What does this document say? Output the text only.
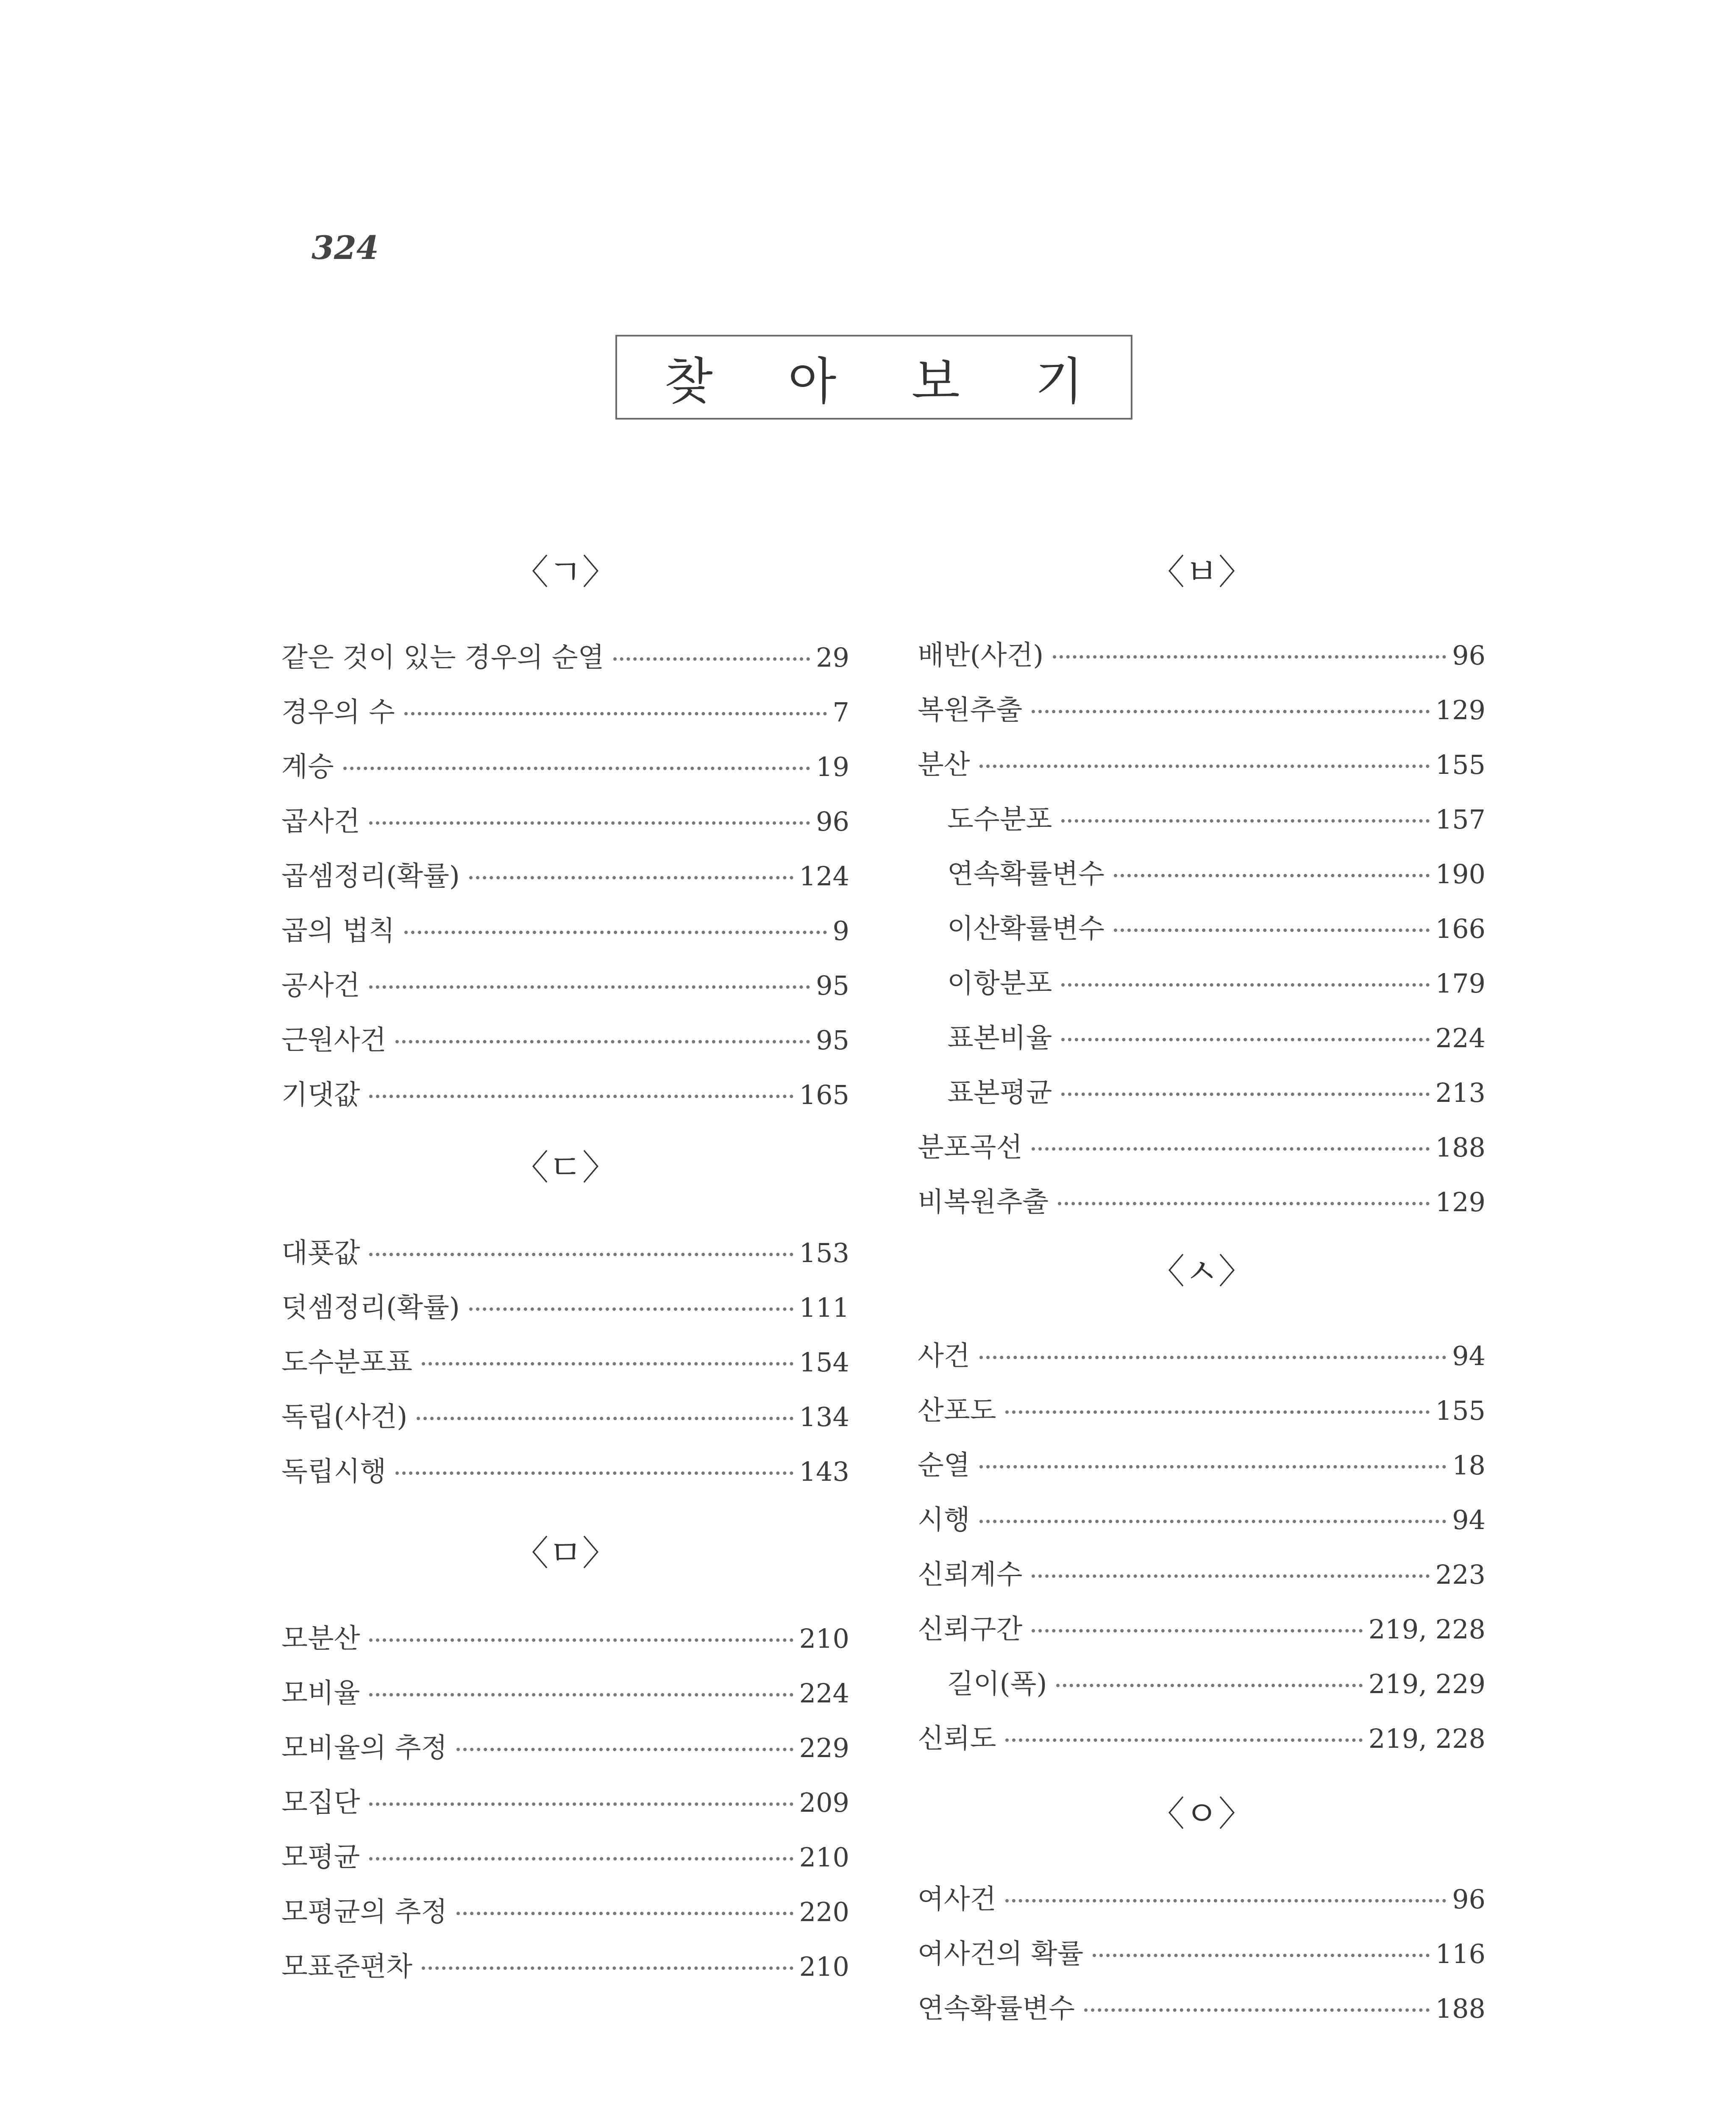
324
찾 아 보 기
〈ㄱ〉
같은 것이 있는 경우의 순열	29
경우의 수	7
계승	19
곱사건	96
곱셈정리(확률)	124
곱의 법칙	9
공사건	95
근원사건	95
기댓값	165
〈ㄷ〉
대푯값	153
덧셈정리(확률)	111
도수분포표	154
독립(사건)	134
독립시행	143
〈ㅁ〉
모분산	210
모비율	224
모비율의 추정	229
모집단	209
모평균	210
모평균의 추정	220
모표준편차	210
〈ㅂ〉
배반(사건)	96
복원추출	129
분산	155
도수분포	157
연속확률변수	190
이산확률변수	166
이항분포	179
표본비율	224
표본평균	213
분포곡선	188
비복원추출	129
〈ㅅ〉
사건	94
산포도	155
순열	18
시행	94
신뢰계수	223
신뢰구간	219, 228
길이(폭)	219, 229
신뢰도	219, 228
〈ㅇ〉
여사건	96
여사건의 확률	116
연속확률변수	188
